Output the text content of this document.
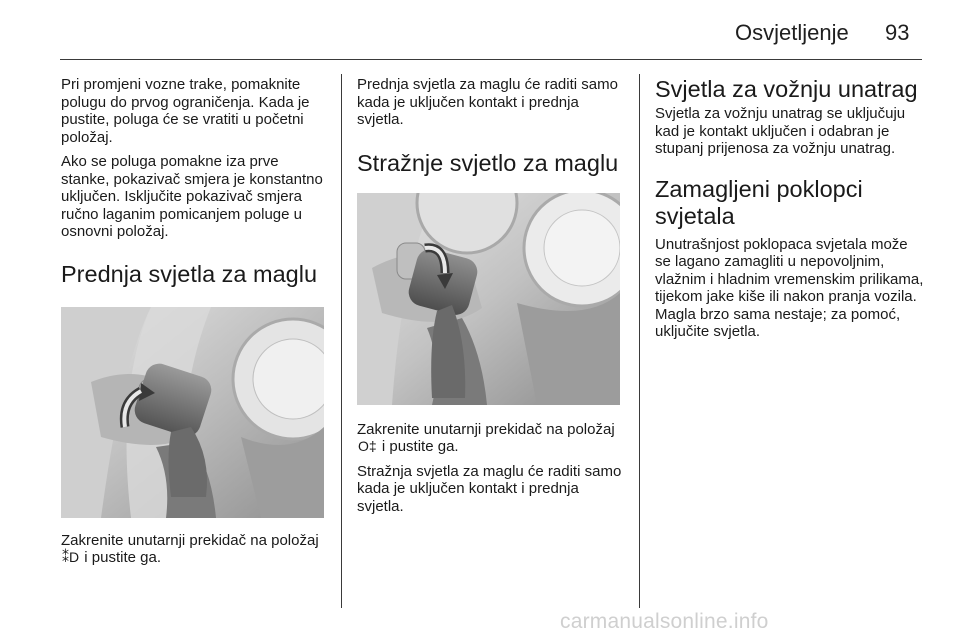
Osvjetljenje 93

Pri promjeni vozne trake, pomaknite polugu do prvog ograničenja. Kada je pustite, poluga će se vratiti u početni položaj.

Ako se poluga pomakne iza prve stanke, pokazivač smjera je konstantno uključen. Isključite pokazivač smjera ručno laganim pomicanjem poluge u osnovni položaj.

Prednja svjetla za maglu

Zakrenite unutarnji prekidač na položaj ⁑D i pustite ga.

Prednja svjetla za maglu će raditi samo kada je uključen kontakt i prednja svjetla.

Stražnje svjetlo za maglu

Zakrenite unutarnji prekidač na položaj O‡ i pustite ga.

Stražnja svjetla za maglu će raditi samo kada je uključen kontakt i prednja svjetla.

Svjetla za vožnju unatrag

Svjetla za vožnju unatrag se uključuju kad je kontakt uključen i odabran je stupanj prijenosa za vožnju unatrag.

Zamagljeni poklopci svjetala

Unutrašnjost poklopaca svjetala može se lagano zamagliti u nepovoljnim, vlažnim i hladnim vremenskim prilikama, tijekom jake kiše ili nakon pranja vozila. Magla brzo sama nestaje; za pomoć, uključite svjetla.

carmanualsonline.info
